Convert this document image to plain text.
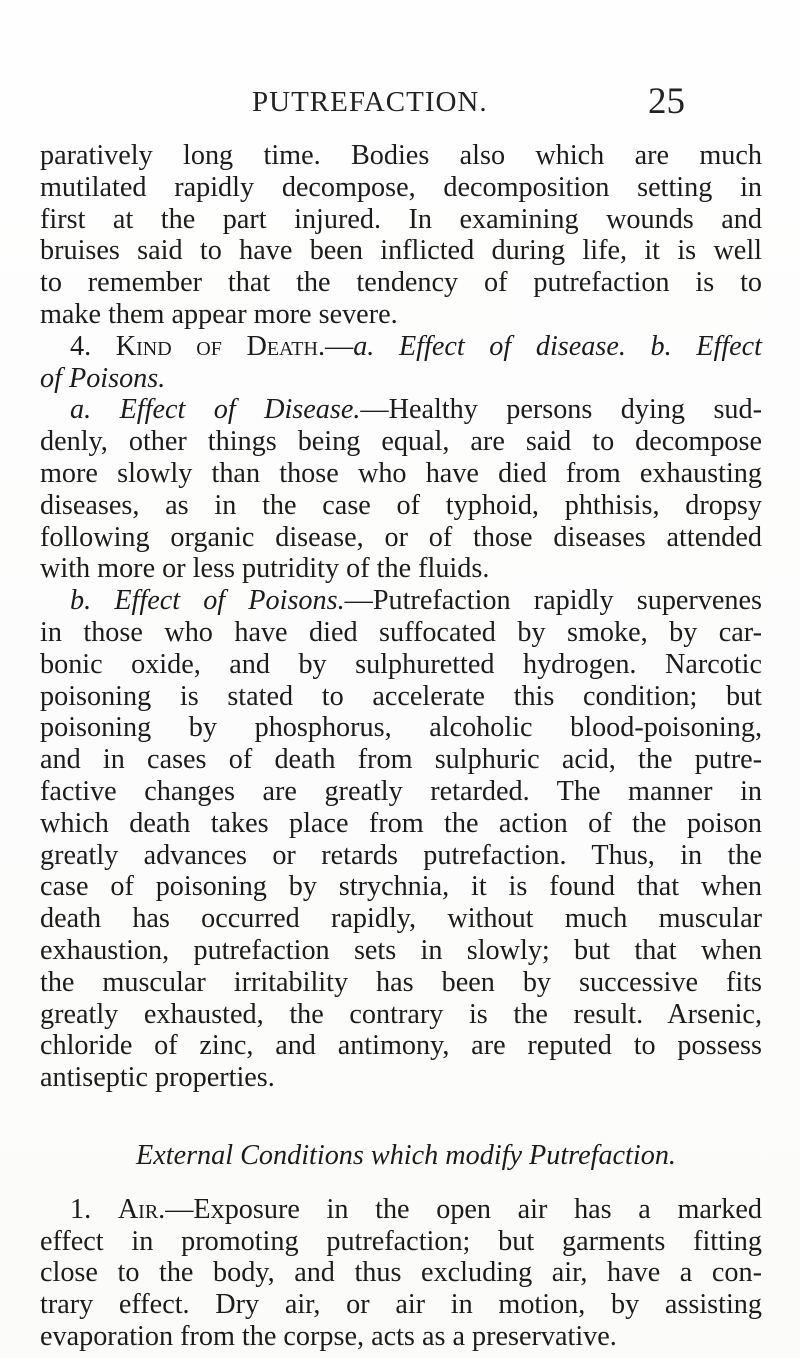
PUTREFACTION.	25
paratively long time. Bodies also which are much
mutilated rapidly decompose, decomposition setting in
first at the part injured. In examining wounds and
bruises said to have been inflicted during life, it is well
to remember that the tendency of putrefaction is to
make them appear more severe.
4. Kind of Death.—a. Effect of disease. b. Effect
of Poisons.
a. Effect of Disease.—Healthy persons dying sud-
denly, other things being equal, are said to decompose
more slowly than those who have died from exhausting
diseases, as in the case of typhoid, phthisis, dropsy
following organic disease, or of those diseases attended
with more or less putridity of the fluids.
b. Effect of Poisons.—Putrefaction rapidly supervenes
in those who have died suffocated by smoke, by car-
bonic oxide, and by sulphuretted hydrogen. Narcotic
poisoning is stated to accelerate this condition; but
poisoning by phosphorus, alcoholic blood-poisoning,
and in cases of death from sulphuric acid, the putre-
factive changes are greatly retarded. The manner in
which death takes place from the action of the poison
greatly advances or retards putrefaction. Thus, in the
case of poisoning by strychnia, it is found that when
death has occurred rapidly, without much muscular
exhaustion, putrefaction sets in slowly; but that when
the muscular irritability has been by successive fits
greatly exhausted, the contrary is the result. Arsenic,
chloride of zinc, and antimony, are reputed to possess
antiseptic properties.
External Conditions which modify Putrefaction.
1. Air.—Exposure in the open air has a marked
effect in promoting putrefaction; but garments fitting
close to the body, and thus excluding air, have a con-
trary effect. Dry air, or air in motion, by assisting
evaporation from the corpse, acts as a preservative.
